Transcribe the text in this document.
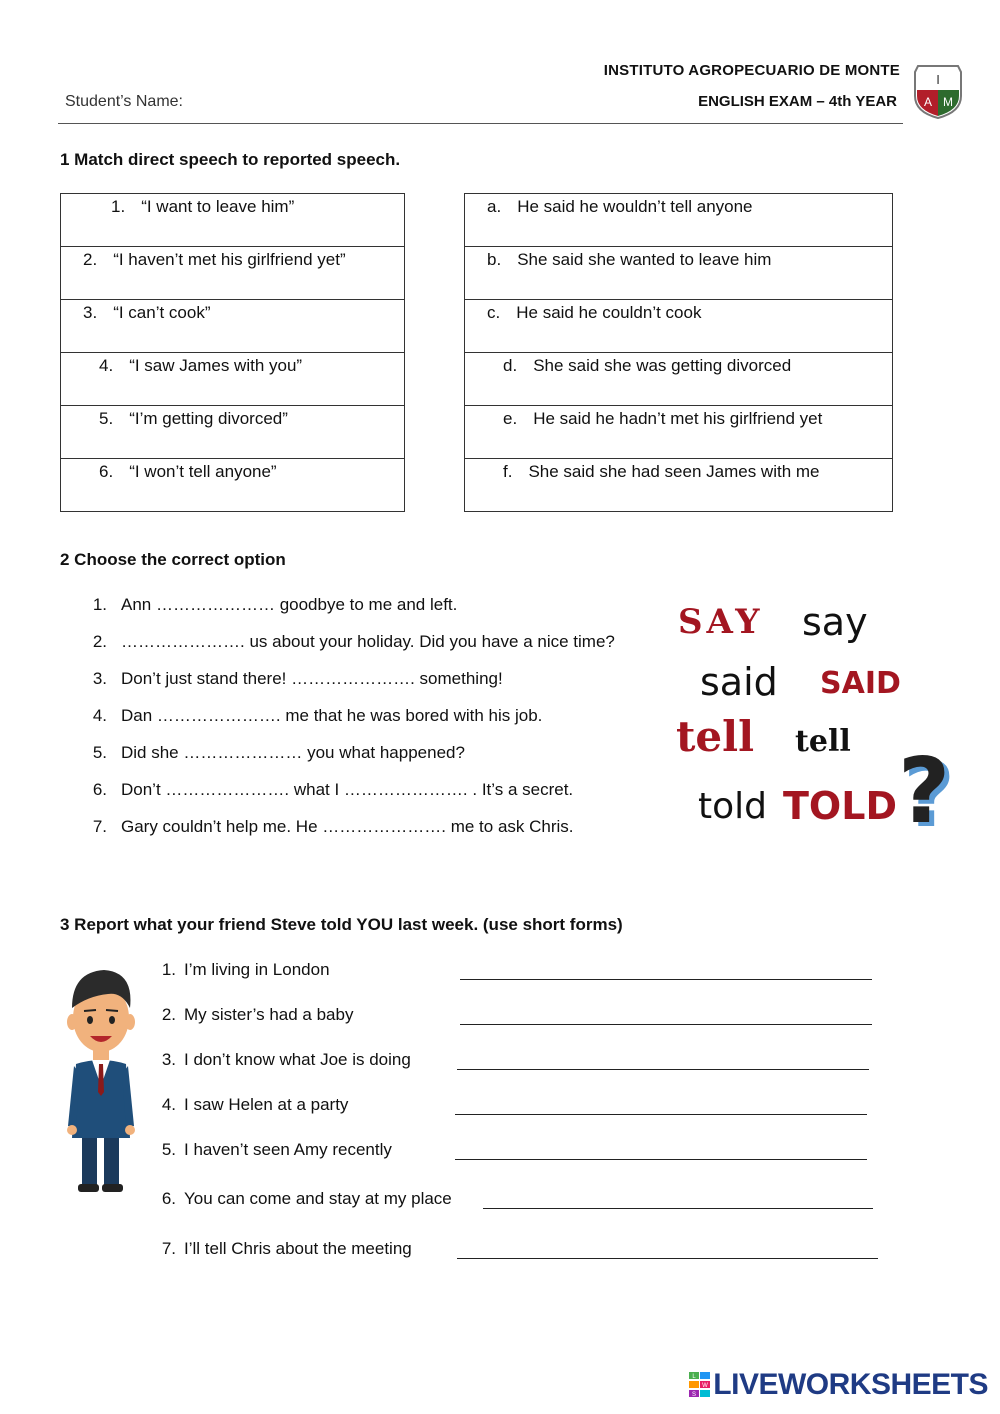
INSTITUTO AGROPECUARIO DE MONTE
ENGLISH EXAM – 4th YEAR
Student’s Name:
I
A M
1 Match direct speech to reported speech.
1. “I want to leave him”

2. “I haven’t met his girlfriend yet”

3. “I can’t cook”

4. “I saw James with you”

5. “I’m getting divorced”

6. “I won’t tell anyone”
a. He said he wouldn’t tell anyone

b. She said she wanted to leave him

c. He said he couldn’t cook

d. She said she was getting divorced

e. He said he hadn’t met his girlfriend yet

f. She said she had seen James with me
2 Choose the correct option
1. Ann ………………… goodbye to me and left.
2. …………………. us about your holiday. Did you have a nice time?
3. Don’t just stand there! …………………. something!
4. Dan …………………. me that he was bored with his job.
5. Did she ………………… you what happened?
6. Don’t …………………. what I …………………. . It’s a secret.
7. Gary couldn’t help me. He …………………. me to ask Chris.
SAY say
said SAID
tell tell
told TOLD ?
3 Report what your friend Steve told YOU last week. (use short forms)
1. I’m living in London
2. My sister’s had a baby
3. I don’t know what Joe is doing
4. I saw Helen at a party
5. I haven’t seen Amy recently
6. You can come and stay at my place
7. I’ll tell Chris about the meeting
L
W
S LIVEWORKSHEETS
